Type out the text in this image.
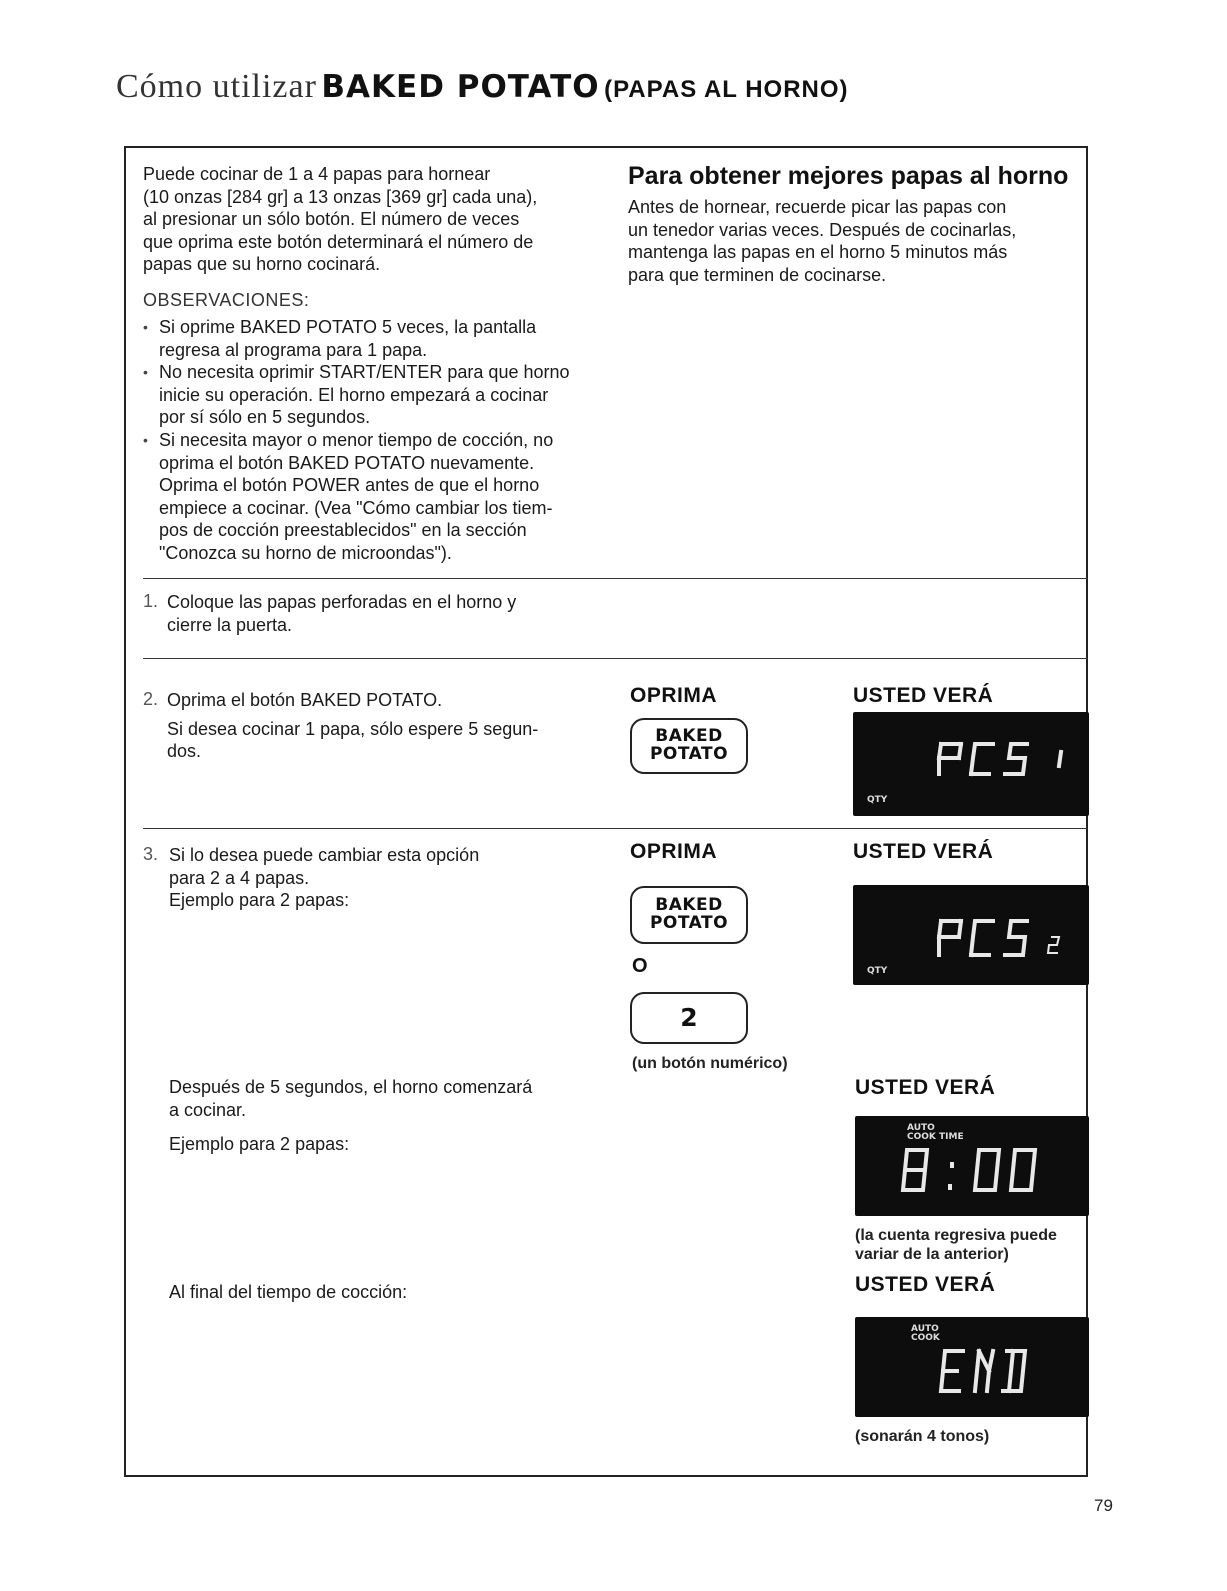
Cómo utilizar BAKED POTATO (PAPAS AL HORNO)
Puede cocinar de 1 a 4 papas para hornear
(10 onzas [284 gr] a 13 onzas [369 gr] cada una),
al presionar un sólo botón. El número de veces
que oprima este botón determinará el número de
papas que su horno cocinará.
OBSERVACIONES:
• Si oprime BAKED POTATO 5 veces, la pantalla
regresa al programa para 1 papa.
• No necesita oprimir START/ENTER para que horno
inicie su operación. El horno empezará a cocinar
por sí sólo en 5 segundos.
• Si necesita mayor o menor tiempo de cocción, no
oprima el botón BAKED POTATO nuevamente.
Oprima el botón POWER antes de que el horno
empiece a cocinar. (Vea "Cómo cambiar los tiem-
pos de cocción preestablecidos" en la sección
"Conozca su horno de microondas").
Para obtener mejores papas al horno
Antes de hornear, recuerde picar las papas con
un tenedor varias veces. Después de cocinarlas,
mantenga las papas en el horno 5 minutos más
para que terminen de cocinarse.
1. Coloque las papas perforadas en el horno y
cierre la puerta.
2. Oprima el botón BAKED POTATO.
Si desea cocinar 1 papa, sólo espere 5 segun-
dos.
OPRIMA	USTED VERÁ
BAKED
POTATO
QTY
3. Si lo desea puede cambiar esta opción
para 2 a 4 papas.
Ejemplo para 2 papas:
OPRIMA	USTED VERÁ
BAKED
POTATO
O
2
(un botón numérico)
QTY
Después de 5 segundos, el horno comenzará
a cocinar.
Ejemplo para 2 papas:
USTED VERÁ
AUTO
COOK TIME
(la cuenta regresiva puede
variar de la anterior)
Al final del tiempo de cocción:	USTED VERÁ
AUTO
COOK
(sonarán 4 tonos)
79
